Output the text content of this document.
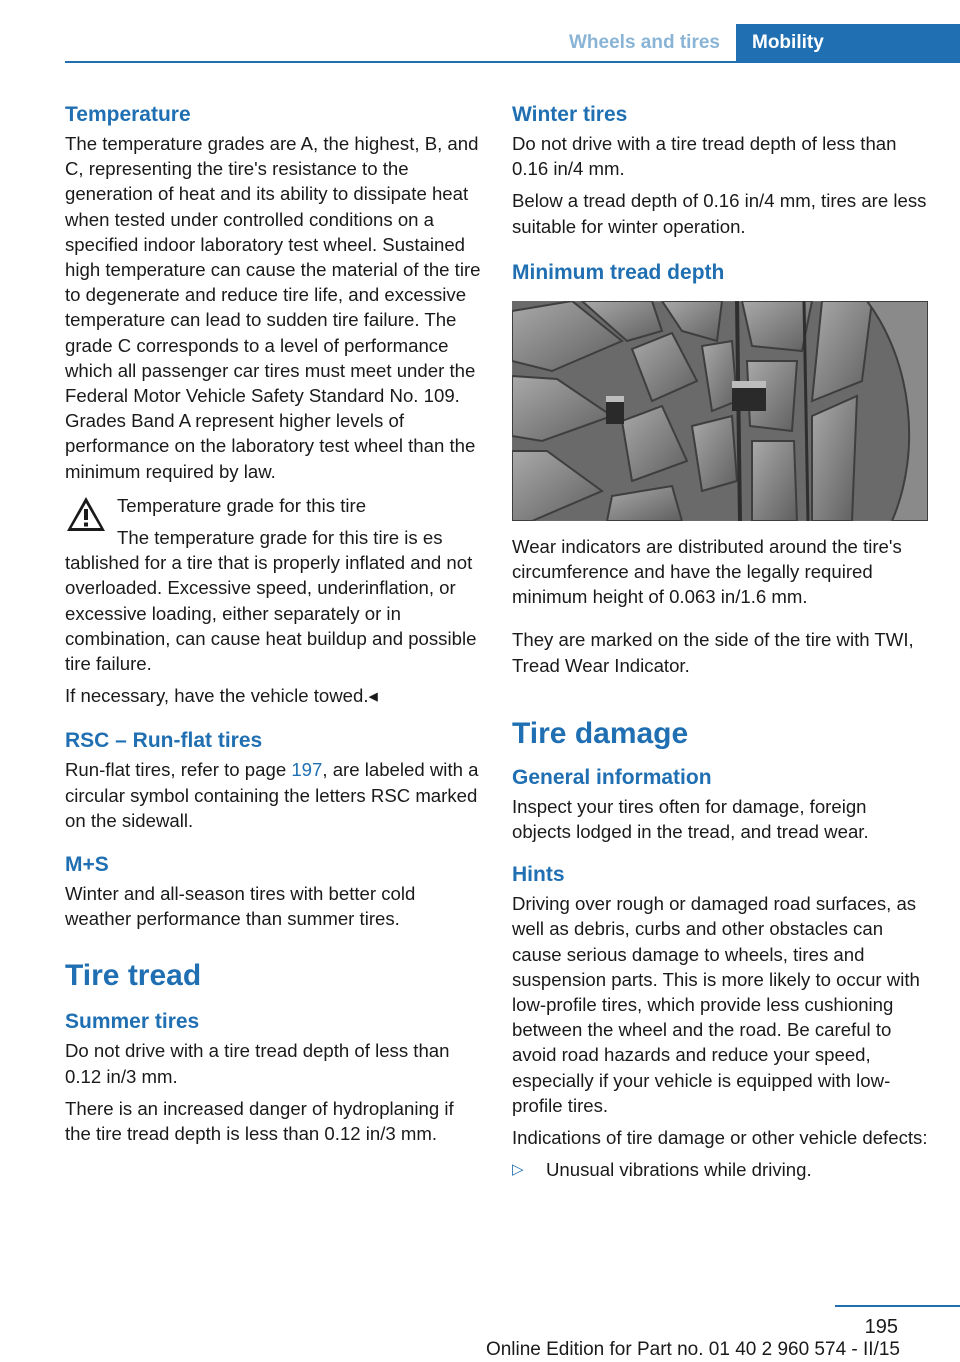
Wheels and tires	Mobility
Temperature

The temperature grades are A, the highest, B, and C, representing the tire's resistance to the generation of heat and its ability to dissipate heat when tested under controlled conditions on a specified indoor laboratory test wheel. Sustained high temperature can cause the material of the tire to degenerate and reduce tire life, and excessive temperature can lead to sudden tire failure. The grade C corresponds to a level of performance which all passenger car tires must meet under the Federal Motor Vehicle Safety Standard No. 109. Grades Band A represent higher levels of performance on the laboratory test wheel than the minimum required by law.

Temperature grade for this tire

The temperature grade for this tire is es

tablished for a tire that is properly inflated and not overloaded. Excessive speed, underinflation, or excessive loading, either separately or in combination, can cause heat buildup and possible tire failure.

If necessary, have the vehicle towed.◂

RSC – Run-flat tires

Run-flat tires, refer to page 197, are labeled with a circular symbol containing the letters RSC marked on the sidewall.

M+S

Winter and all-season tires with better cold weather performance than summer tires.

Tire tread
Summer tires

Do not drive with a tire tread depth of less than 0.12 in/3 mm.

There is an increased danger of hydroplaning if the tire tread depth is less than 0.12 in/3 mm.

Winter tires

Do not drive with a tire tread depth of less than 0.16 in/4 mm.

Below a tread depth of 0.16 in/4 mm, tires are less suitable for winter operation.

Minimum tread depth

Wear indicators are distributed around the tire's circumference and have the legally required minimum height of 0.063 in/1.6 mm.

They are marked on the side of the tire with TWI, Tread Wear Indicator.

Tire damage
General information

Inspect your tires often for damage, foreign objects lodged in the tread, and tread wear.

Hints

Driving over rough or damaged road surfaces, as well as debris, curbs and other obstacles can cause serious damage to wheels, tires and suspension parts. This is more likely to occur with low-profile tires, which provide less cushioning between the wheel and the road. Be careful to avoid road hazards and reduce your speed, especially if your vehicle is equipped with low-profile tires.

Indications of tire damage or other vehicle defects:

▷ Unusual vibrations while driving.

195
Online Edition for Part no. 01 40 2 960 574 - II/15
